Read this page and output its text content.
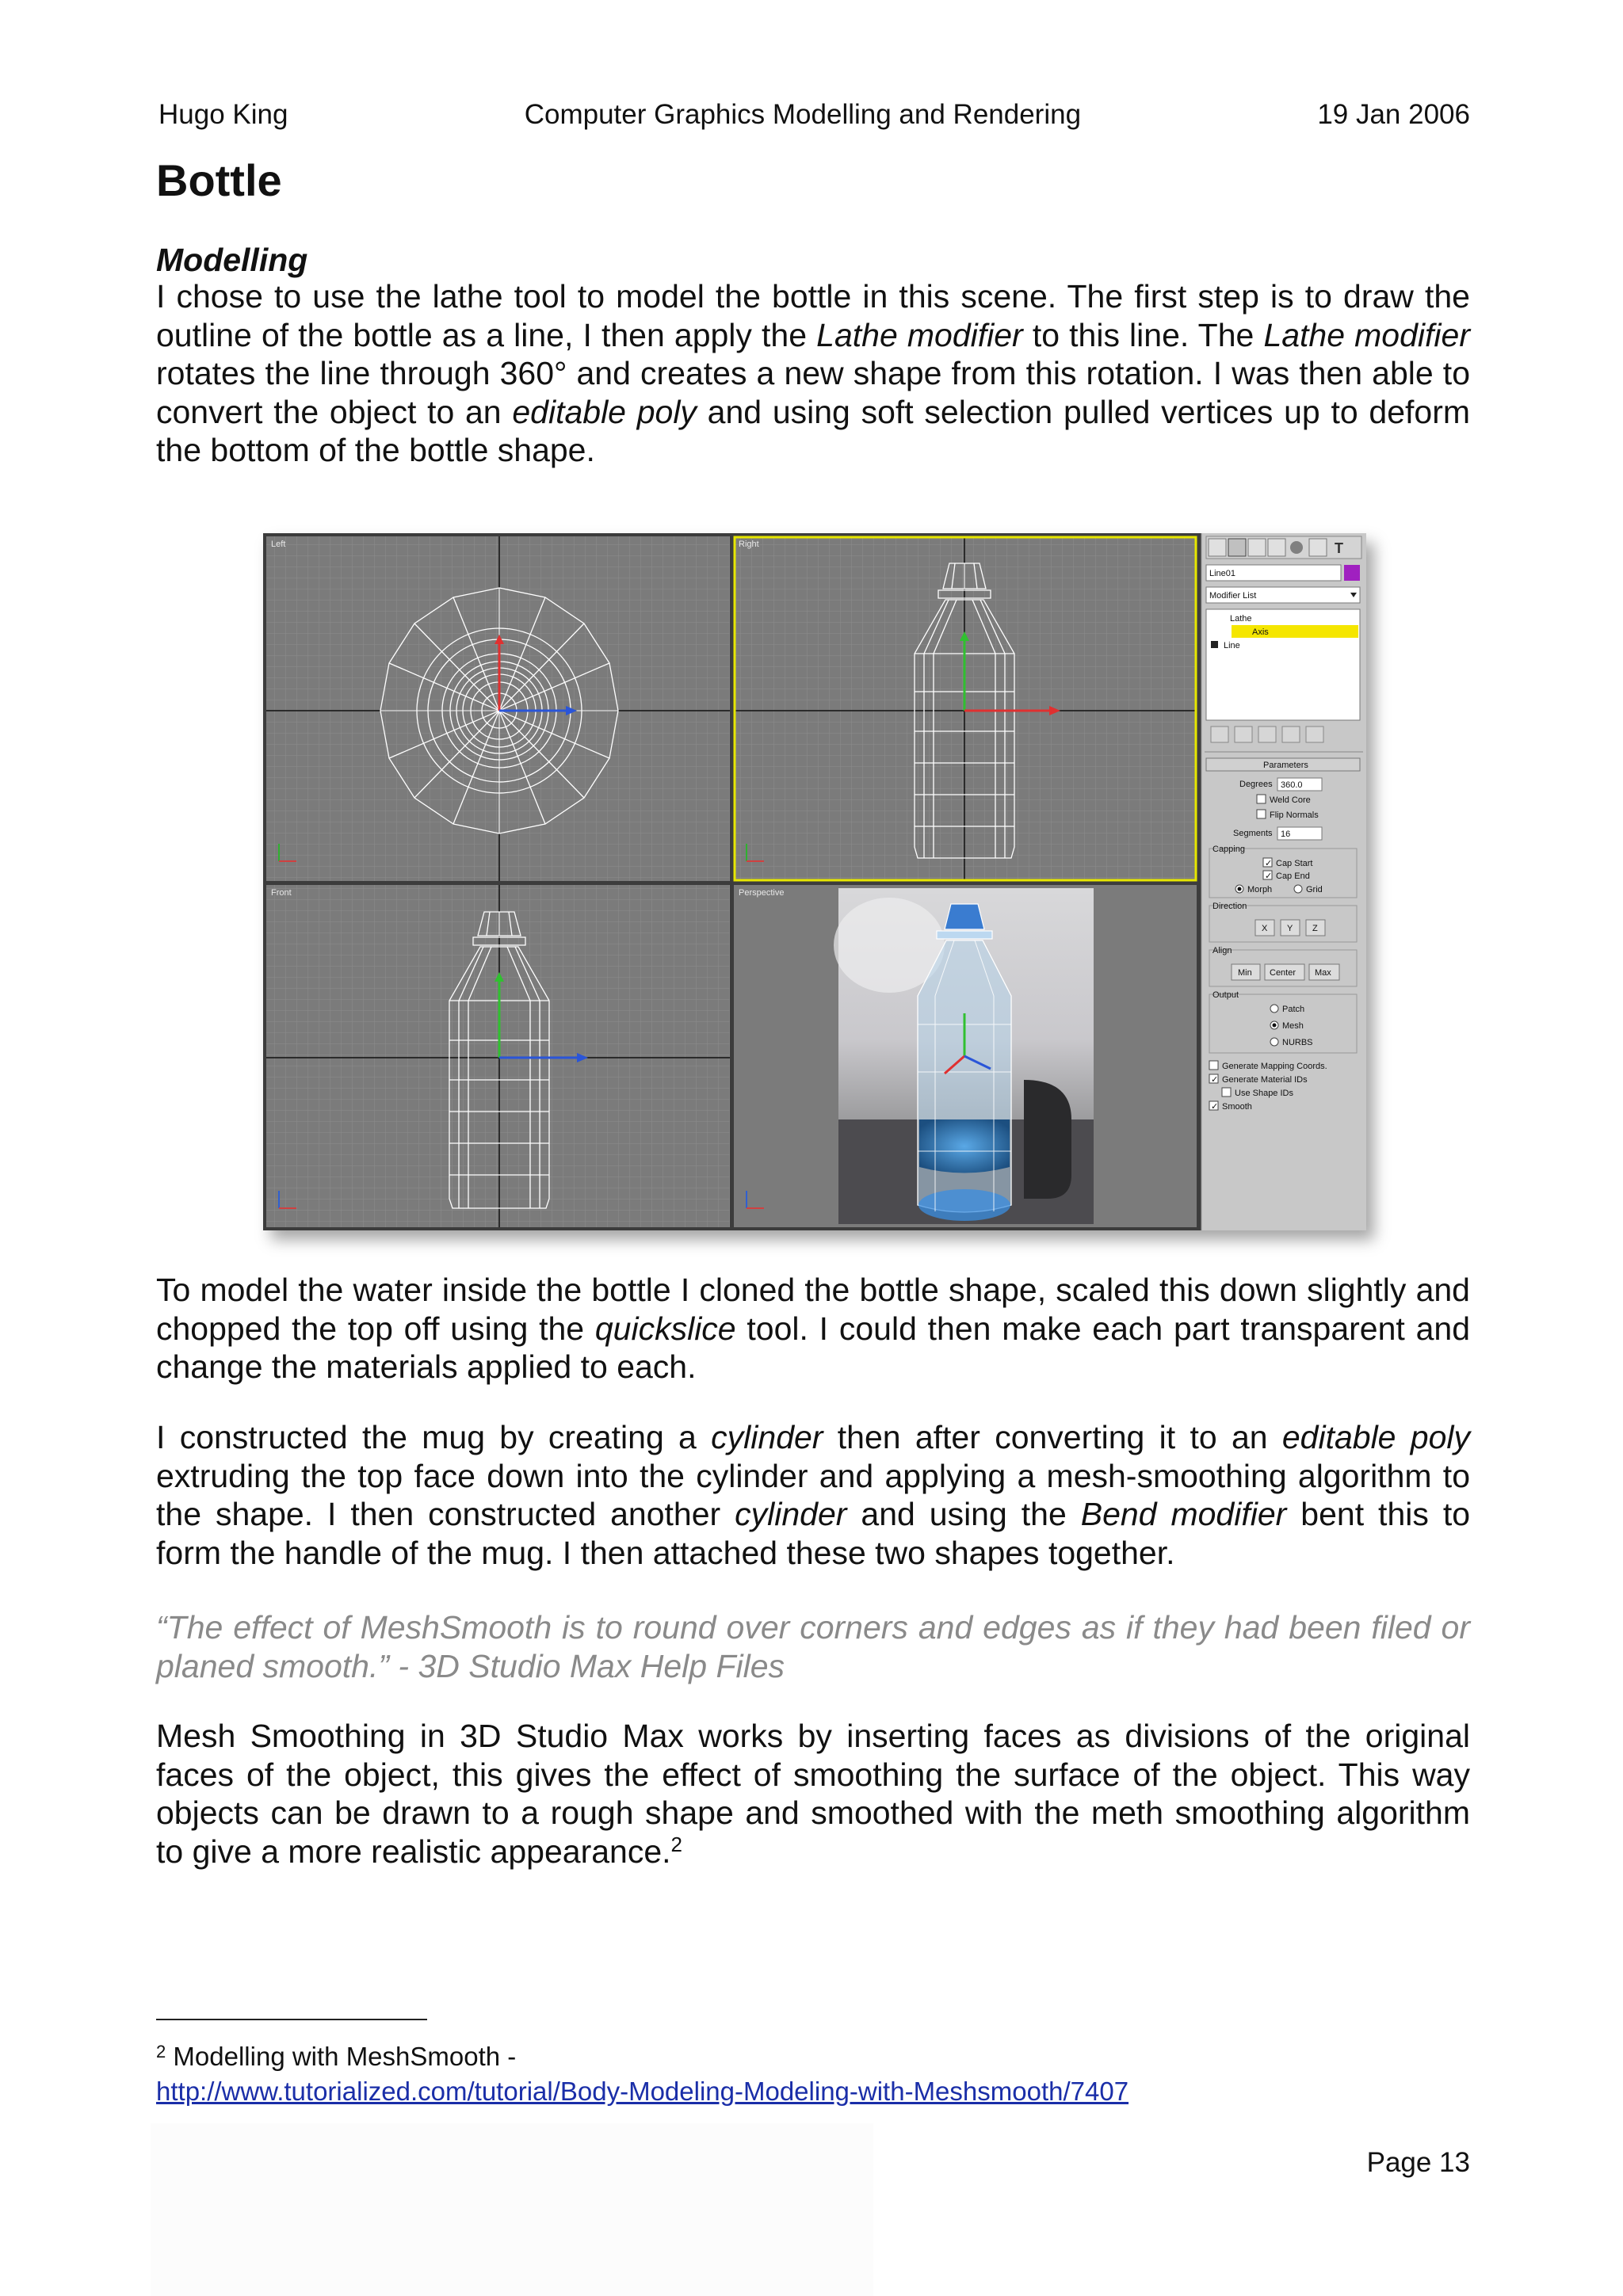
Hugo King	Computer Graphics Modelling and Rendering	19 Jan 2006
Bottle
Modelling

I chose to use the lathe tool to model the bottle in this scene. The first step is to draw the outline of the bottle as a line, I then apply the Lathe modifier to this line. The Lathe modifier rotates the line through 360° and creates a new shape from this rotation. I was then able to convert the object to an editable poly and using soft selection pulled vertices up to deform the bottom of the bottle shape.

Left	Right
Front	Perspective
T
Line01
Modifier List
Lathe
Axis
Line
Parameters
Degrees 360.0
Weld Core
Flip Normals
Segments 16
Capping
✓ Cap Start
✓ Cap End
Morph	Grid
Direction
X Y Z
Align
Min Center Max
Output
Patch
Mesh
NURBS
Generate Mapping Coords.
✓ Generate Material IDs
Use Shape IDs
✓ Smooth

To model the water inside the bottle I cloned the bottle shape, scaled this down slightly and chopped the top off using the quickslice tool. I could then make each part transparent and change the materials applied to each.

I constructed the mug by creating a cylinder then after converting it to an editable poly extruding the top face down into the cylinder and applying a mesh-smoothing algorithm to the shape. I then constructed another cylinder and using the Bend modifier bent this to form the handle of the mug. I then attached these two shapes together.

“The effect of MeshSmooth is to round over corners and edges as if they had been filed or planed smooth.” - 3D Studio Max Help Files

Mesh Smoothing in 3D Studio Max works by inserting faces as divisions of the original faces of the object, this gives the effect of smoothing the surface of the object. This way objects can be drawn to a rough shape and smoothed with the meth smoothing algorithm to give a more realistic appearance.$^2$

$^2$ Modelling with MeshSmooth -
http://www.tutorialized.com/tutorial/Body-Modeling-Modeling-with-Meshsmooth/7407
Page 13
